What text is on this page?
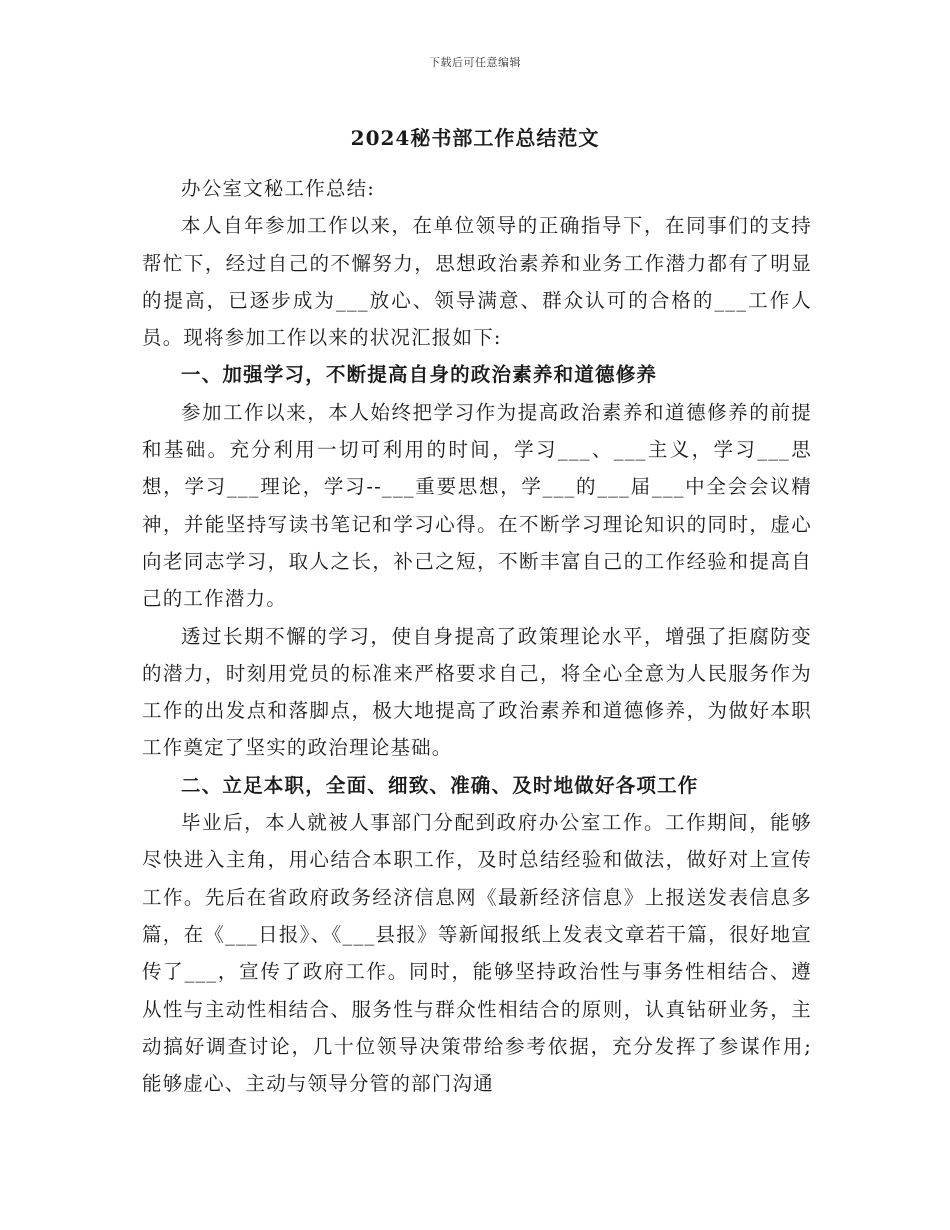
下载后可任意编辑
2024秘书部工作总结范文

办公室文秘工作总结:

本人自年参加工作以来，在单位领导的正确指导下，在同事们的支持帮忙下，经过自己的不懈努力，思想政治素养和业务工作潜力都有了明显的提高，已逐步成为___放心、领导满意、群众认可的合格的___工作人员。现将参加工作以来的状况汇报如下:

一、加强学习，不断提高自身的政治素养和道德修养

参加工作以来，本人始终把学习作为提高政治素养和道德修养的前提和基础。充分利用一切可利用的时间，学习___、___主义，学习___思想，学习___理论，学习--___重要思想，学___的___届___中全会会议精神，并能坚持写读书笔记和学习心得。在不断学习理论知识的同时，虚心向老同志学习，取人之长，补己之短，不断丰富自己的工作经验和提高自己的工作潜力。

透过长期不懈的学习，使自身提高了政策理论水平，增强了拒腐防变的潜力，时刻用党员的标准来严格要求自己，将全心全意为人民服务作为工作的出发点和落脚点，极大地提高了政治素养和道德修养，为做好本职工作奠定了坚实的政治理论基础。

二、立足本职，全面、细致、准确、及时地做好各项工作

毕业后，本人就被人事部门分配到政府办公室工作。工作期间，能够尽快进入主角，用心结合本职工作，及时总结经验和做法，做好对上宣传工作。先后在省政府政务经济信息网《最新经济信息》上报送发表信息多篇，在《___日报》、《___县报》等新闻报纸上发表文章若干篇，很好地宣传了___，宣传了政府工作。同时，能够坚持政治性与事务性相结合、遵从性与主动性相结合、服务性与群众性相结合的原则，认真钻研业务，主动搞好调查讨论，几十位领导决策带给参考依据，充分发挥了参谋作用;能够虚心、主动与领导分管的部门沟通
